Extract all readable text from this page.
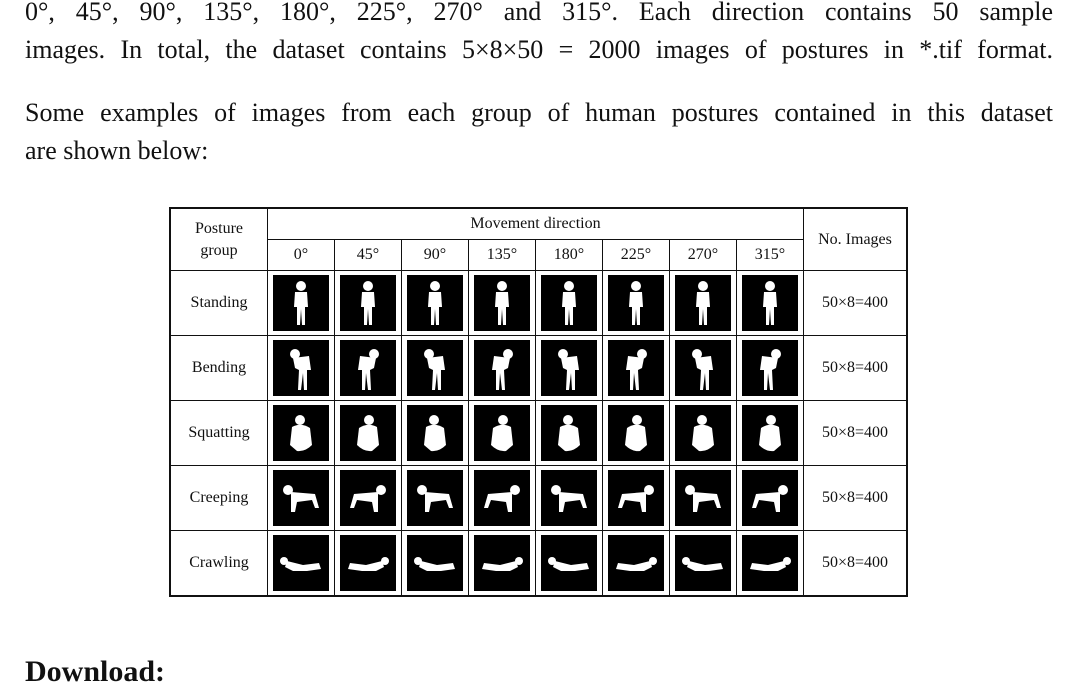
0°, 45°, 90°, 135°, 180°, 225°, 270° and 315°. Each direction contains 50 sample
images. In total, the dataset contains 5×8×50 = 2000 images of postures in *.tif format.

Some examples of images from each group of human postures contained in this dataset
are shown below:

Posture
group	Movement direction								No. Images
	0°	45°	90°	135°	180°	225°	270°	315°	
Standing									50×8=400
Bending									50×8=400
Squatting									50×8=400
Creeping									50×8=400
Crawling									50×8=400
Download:
